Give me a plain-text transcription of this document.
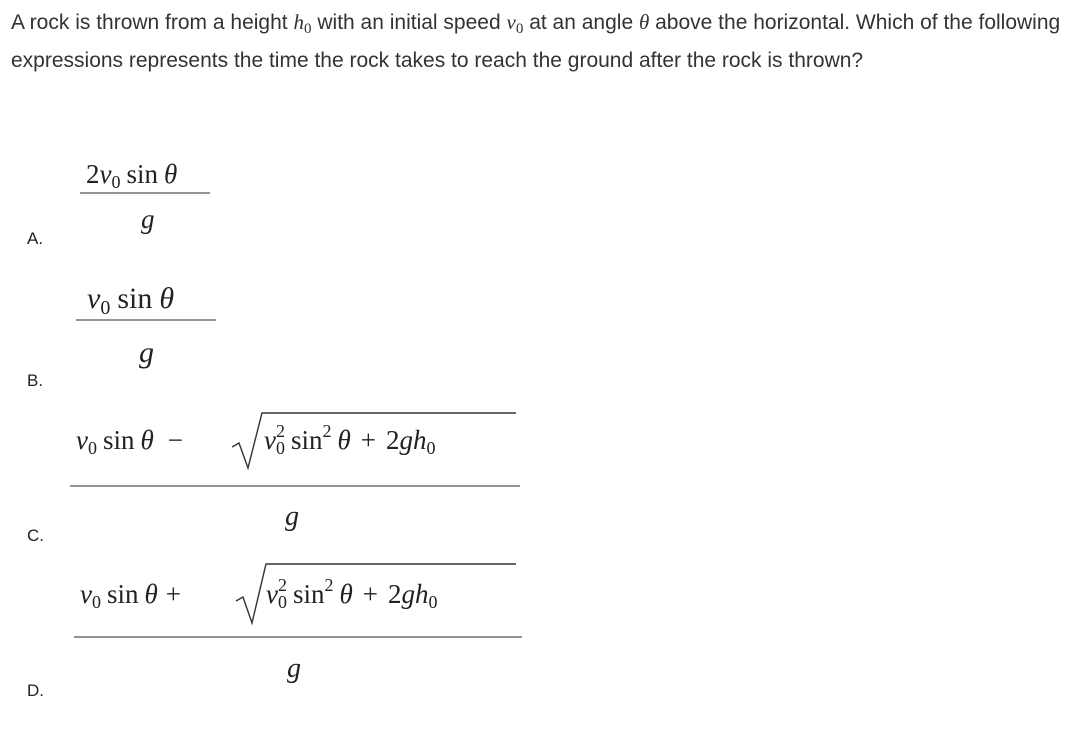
A rock is thrown from a height $h_0$ with an initial speed $v_0$ at an angle θ above the horizontal. Which of the following expressions represents the time the rock takes to reach the ground after the rock is thrown?
2v0 sin θ
g
A.
$v_0$ sin θ
g
B.
v0 sin θ −	$v^2$ 0 $\sin^2 \theta + 2gh0$
g
C.
v0 sin θ +	$v^2$ 0 $\sin^2 \theta + 2gh0$
g
D.
